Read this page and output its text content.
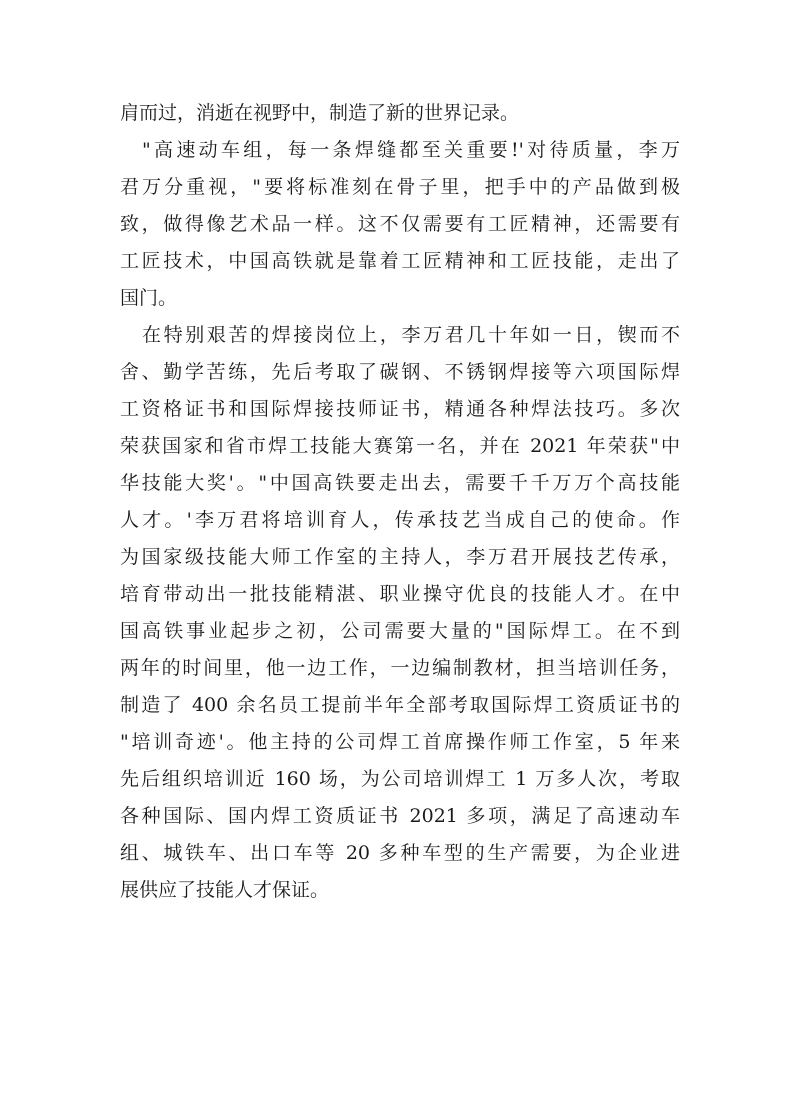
肩而过，消逝在视野中，制造了新的世界记录。
"高速动车组，每一条焊缝都至关重要!'对待质量，李万
君万分重视，"要将标准刻在骨子里，把手中的产品做到极
致，做得像艺术品一样。这不仅需要有工匠精神，还需要有
工匠技术，中国高铁就是靠着工匠精神和工匠技能，走出了
国门。
在特别艰苦的焊接岗位上，李万君几十年如一日，锲而不
舍、勤学苦练，先后考取了碳钢、不锈钢焊接等六项国际焊
工资格证书和国际焊接技师证书，精通各种焊法技巧。多次
荣获国家和省市焊工技能大赛第一名，并在 2021 年荣获"中
华技能大奖'。"中国高铁要走出去，需要千千万万个高技能
人才。'李万君将培训育人，传承技艺当成自己的使命。作
为国家级技能大师工作室的主持人，李万君开展技艺传承，
培育带动出一批技能精湛、职业操守优良的技能人才。在中
国高铁事业起步之初，公司需要大量的"国际焊工。在不到
两年的时间里，他一边工作，一边编制教材，担当培训任务，
制造了 400 余名员工提前半年全部考取国际焊工资质证书的
"培训奇迹'。他主持的公司焊工首席操作师工作室，5 年来
先后组织培训近 160 场，为公司培训焊工 1 万多人次，考取
各种国际、国内焊工资质证书 2021 多项，满足了高速动车
组、城铁车、出口车等 20 多种车型的生产需要，为企业进
展供应了技能人才保证。
